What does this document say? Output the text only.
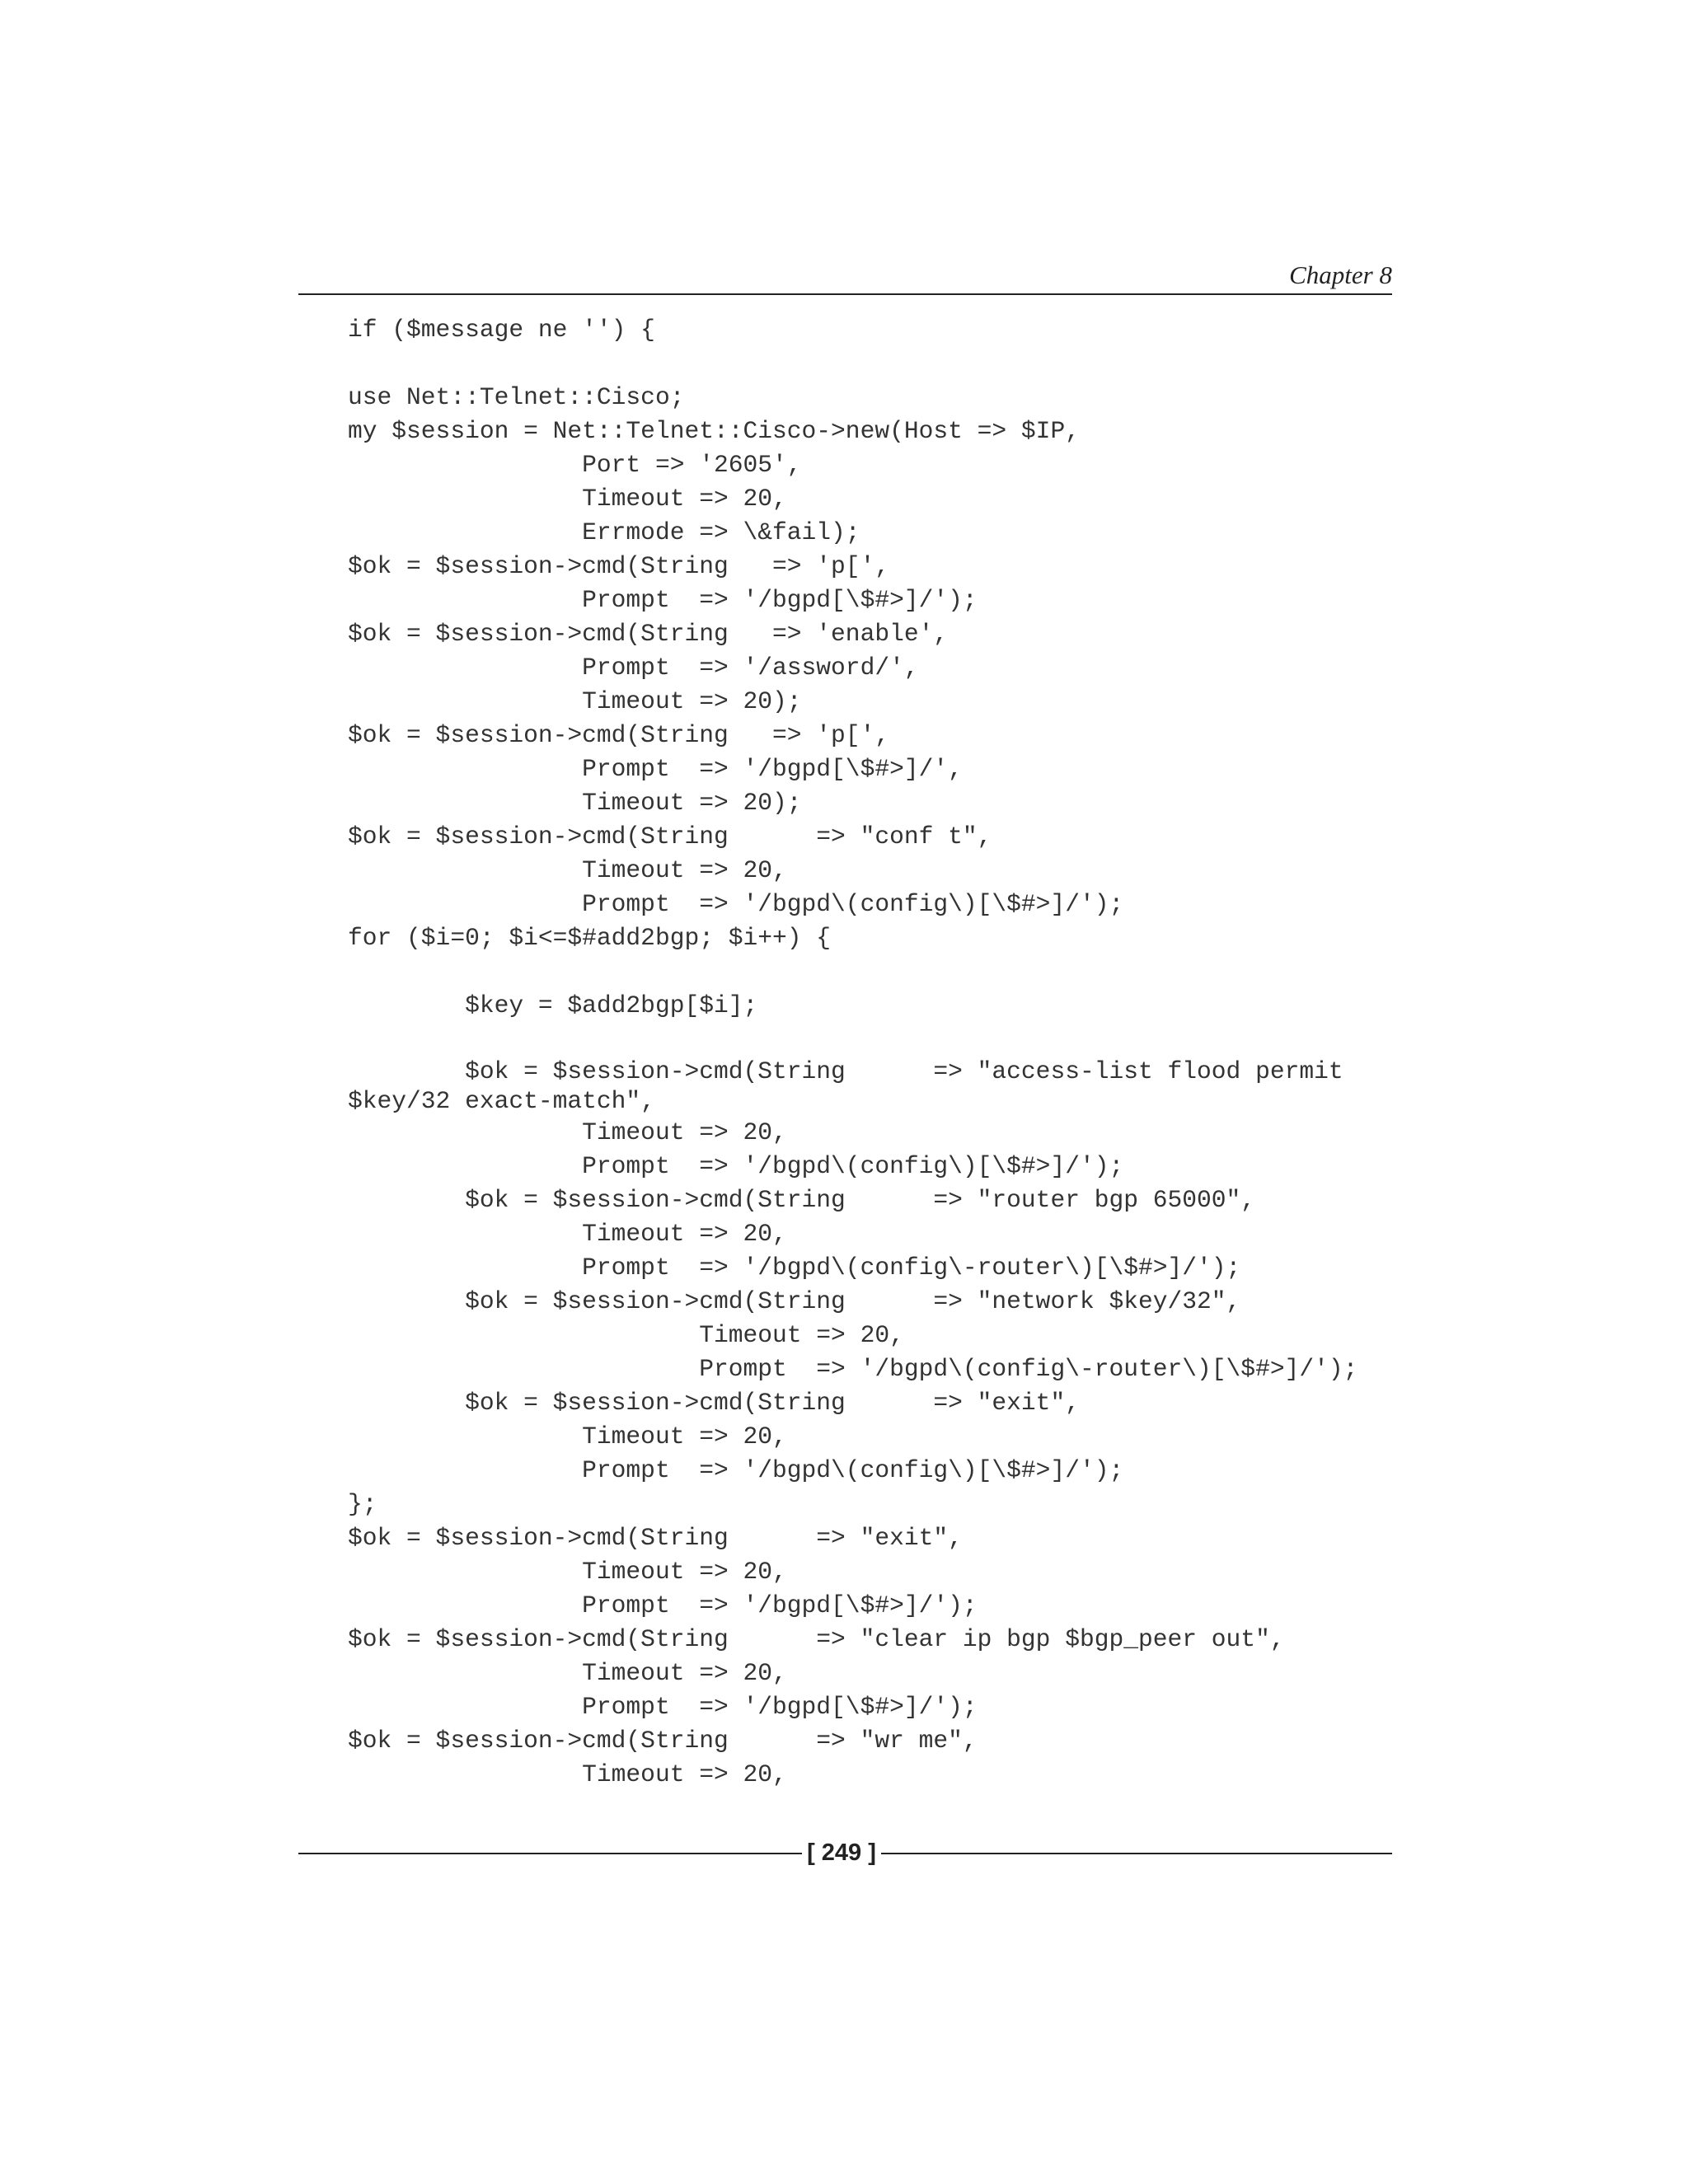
Chapter 8
if ($message ne '') {
use Net::Telnet::Cisco;
my $session = Net::Telnet::Cisco->new(Host => $IP,
Port => '2605',
Timeout => 20,
Errmode => \&fail);
$ok = $session->cmd(String   => 'p[',
Prompt  => '/bgpd[\$#>]/');
$ok = $session->cmd(String   => 'enable',
Prompt  => '/assword/',
Timeout => 20);
$ok = $session->cmd(String   => 'p[',
Prompt  => '/bgpd[\$#>]/',
Timeout => 20);
$ok = $session->cmd(String      => "conf t",
Timeout => 20,
Prompt  => '/bgpd\(config\)[\$#>]/');
for ($i=0; $i<=$#add2bgp; $i++) {
$key = $add2bgp[$i];
$ok = $session->cmd(String      => "access-list flood permit
$key/32 exact-match",
Timeout => 20,
Prompt  => '/bgpd\(config\)[\$#>]/');
$ok = $session->cmd(String      => "router bgp 65000",
Timeout => 20,
Prompt  => '/bgpd\(config\-router\)[\$#>]/');
$ok = $session->cmd(String      => "network $key/32",
Timeout => 20,
Prompt  => '/bgpd\(config\-router\)[\$#>]/');
$ok = $session->cmd(String      => "exit",
Timeout => 20,
Prompt  => '/bgpd\(config\)[\$#>]/');
};
$ok = $session->cmd(String      => "exit",
Timeout => 20,
Prompt  => '/bgpd[\$#>]/');
$ok = $session->cmd(String      => "clear ip bgp $bgp_peer out",
Timeout => 20,
Prompt  => '/bgpd[\$#>]/');
$ok = $session->cmd(String      => "wr me",
Timeout => 20,
[ 249 ]
